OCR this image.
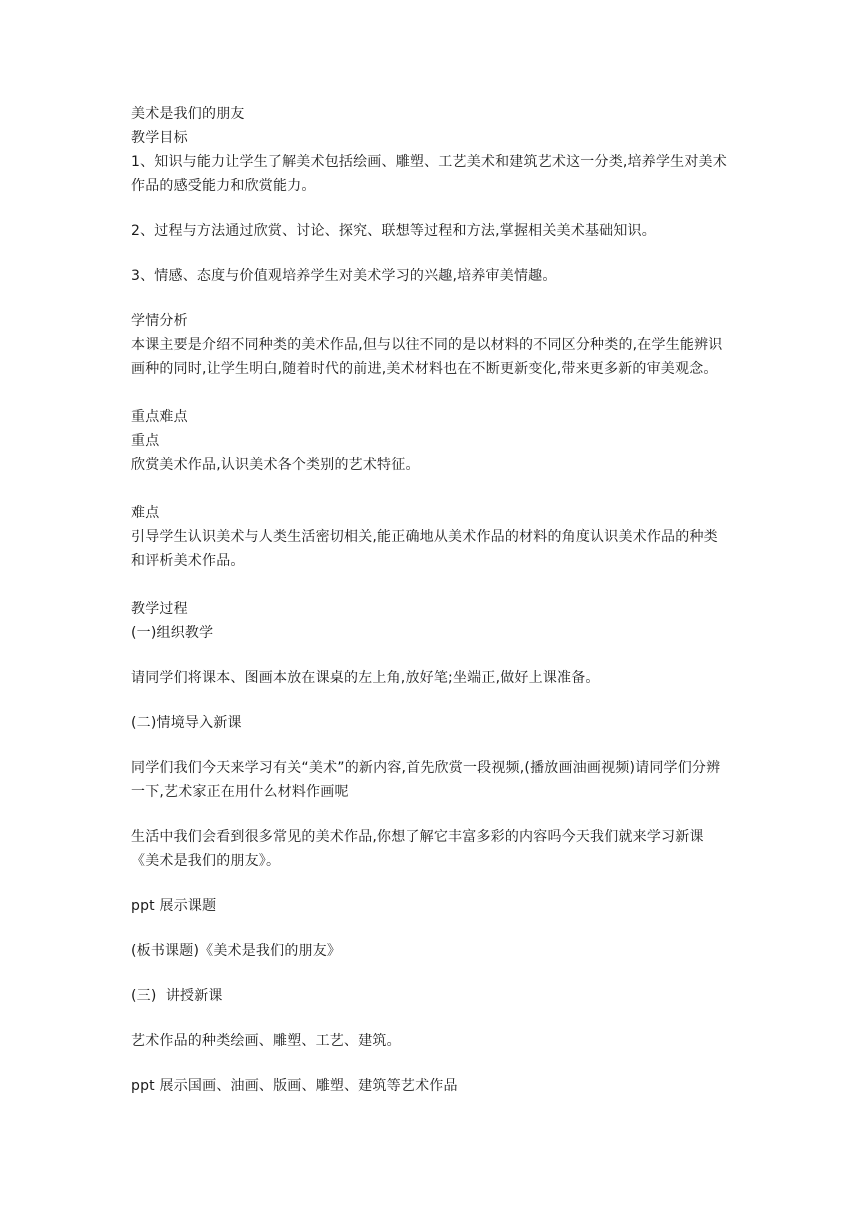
美术是我们的朋友
教学目标
1、知识与能力让学生了解美术包括绘画、雕塑、工艺美术和建筑艺术这一分类,培养学生对美术作品的感受能力和欣赏能力。
2、过程与方法通过欣赏、讨论、探究、联想等过程和方法,掌握相关美术基础知识。
3、情感、态度与价值观培养学生对美术学习的兴趣,培养审美情趣。
学情分析
本课主要是介绍不同种类的美术作品,但与以往不同的是以材料的不同区分种类的,在学生能辨识画种的同时,让学生明白,随着时代的前进,美术材料也在不断更新变化,带来更多新的审美观念。
重点难点
重点
欣赏美术作品,认识美术各个类别的艺术特征。
难点
引导学生认识美术与人类生活密切相关,能正确地从美术作品的材料的角度认识美术作品的种类和评析美术作品。
教学过程
(一)组织教学
请同学们将课本、图画本放在课桌的左上角,放好笔;坐端正,做好上课准备。
(二)情境导入新课
同学们我们今天来学习有关“美术”的新内容,首先欣赏一段视频,(播放画油画视频)请同学们分辨一下,艺术家正在用什么材料作画呢
生活中我们会看到很多常见的美术作品,你想了解它丰富多彩的内容吗今天我们就来学习新课《美术是我们的朋友》。
ppt 展示课题
(板书课题)《美术是我们的朋友》
(三)  讲授新课
艺术作品的种类绘画、雕塑、工艺、建筑。
ppt 展示国画、油画、版画、雕塑、建筑等艺术作品
